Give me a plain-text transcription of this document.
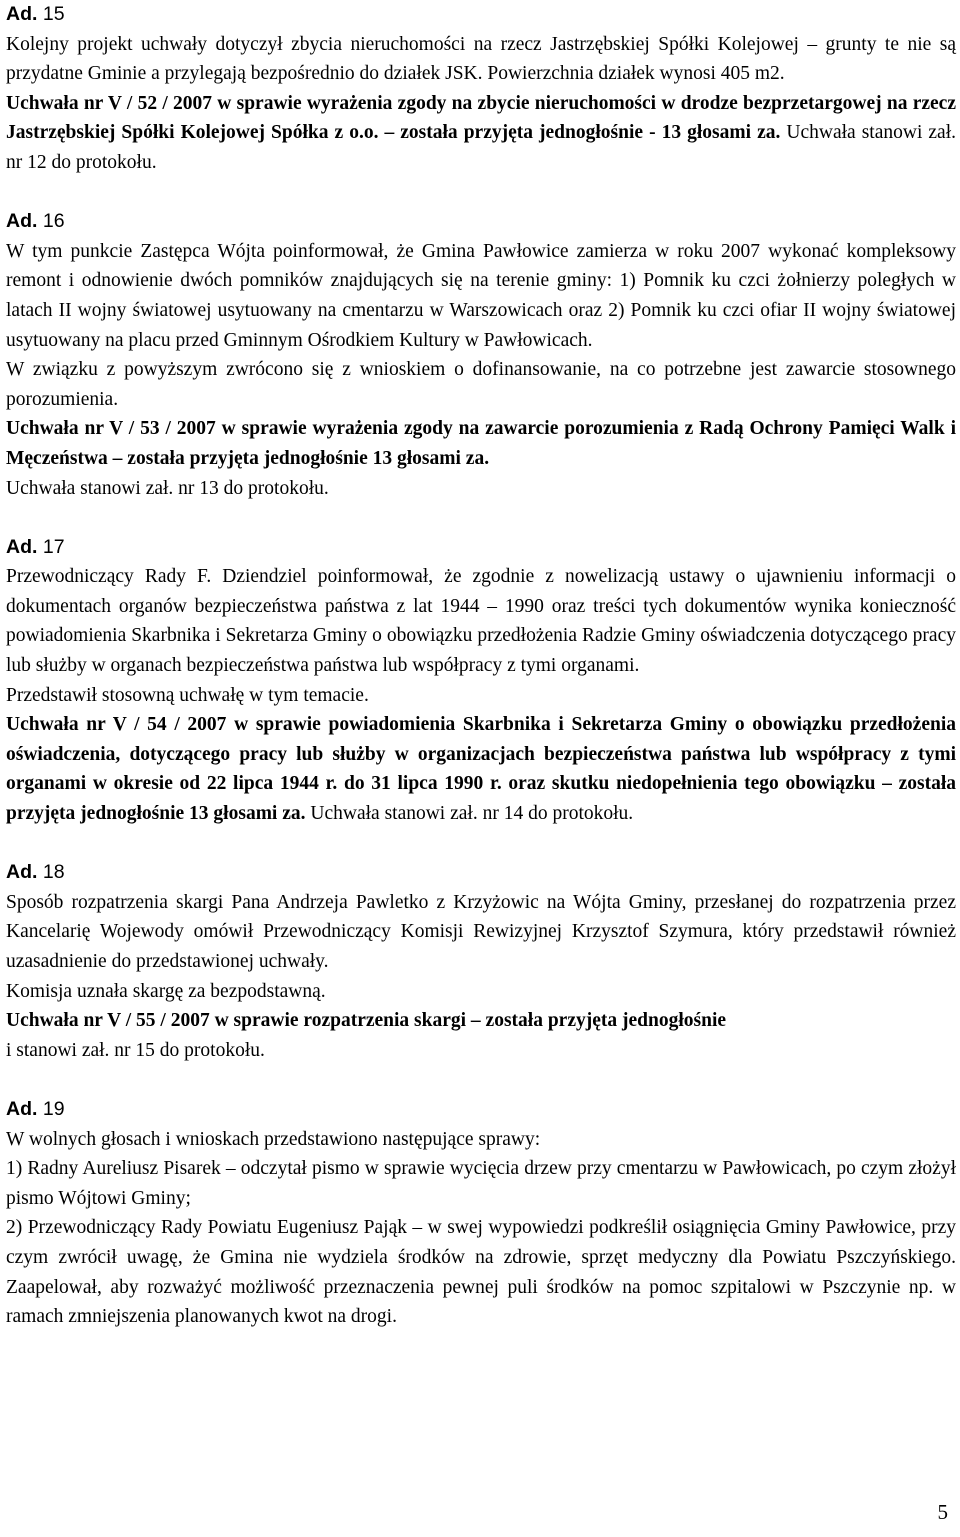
Ad. 15

Kolejny projekt uchwały dotyczył zbycia nieruchomości na rzecz Jastrzębskiej Spółki Kolejowej – grunty te nie są przydatne Gminie a przylegają bezpośrednio do działek JSK. Powierzchnia działek wynosi 405 m2.

Uchwała nr V / 52 / 2007 w sprawie wyrażenia zgody na zbycie nieruchomości w drodze bezprzetargowej na rzecz Jastrzębskiej Spółki Kolejowej Spółka z o.o. – została przyjęta jednogłośnie - 13 głosami za. Uchwała stanowi zał. nr 12 do protokołu.

Ad. 16

W tym punkcie Zastępca Wójta poinformował, że Gmina Pawłowice zamierza w roku 2007 wykonać kompleksowy remont i odnowienie dwóch pomników znajdujących się na terenie gminy: 1) Pomnik ku czci żołnierzy poległych w latach II wojny światowej usytuowany na cmentarzu w Warszowicach oraz 2) Pomnik ku czci ofiar II wojny światowej usytuowany na placu przed Gminnym Ośrodkiem Kultury w Pawłowicach.

W związku z powyższym zwrócono się z wnioskiem o dofinansowanie, na co potrzebne jest zawarcie stosownego porozumienia.

Uchwała nr V / 53 / 2007 w sprawie wyrażenia zgody na zawarcie porozumienia z Radą Ochrony Pamięci Walk i Męczeństwa – została przyjęta jednogłośnie 13 głosami za.

Uchwała stanowi zał. nr 13 do protokołu.

Ad. 17

Przewodniczący Rady F. Dziendziel poinformował, że zgodnie z nowelizacją ustawy o ujawnieniu informacji o dokumentach organów bezpieczeństwa państwa z lat 1944 – 1990 oraz treści tych dokumentów wynika konieczność powiadomienia Skarbnika i Sekretarza Gminy o obowiązku przedłożenia Radzie Gminy oświadczenia dotyczącego pracy lub służby w organach bezpieczeństwa państwa lub współpracy z tymi organami.

Przedstawił stosowną uchwałę w tym temacie.

Uchwała nr V / 54 / 2007 w sprawie powiadomienia Skarbnika i Sekretarza Gminy o obowiązku przedłożenia oświadczenia, dotyczącego pracy lub służby w organizacjach bezpieczeństwa państwa lub współpracy z tymi organami w okresie od 22 lipca 1944 r. do 31 lipca 1990 r. oraz skutku niedopełnienia tego obowiązku – została przyjęta jednogłośnie 13 głosami za. Uchwała stanowi zał. nr 14 do protokołu.

Ad. 18

Sposób rozpatrzenia skargi Pana Andrzeja Pawletko z Krzyżowic na Wójta Gminy, przesłanej do rozpatrzenia przez Kancelarię Wojewody omówił Przewodniczący Komisji Rewizyjnej Krzysztof Szymura, który przedstawił również uzasadnienie do przedstawionej uchwały.

Komisja uznała skargę za bezpodstawną.

Uchwała nr V / 55 / 2007 w sprawie rozpatrzenia skargi – została przyjęta jednogłośnie

i stanowi zał. nr 15 do protokołu.

Ad. 19

W wolnych głosach i wnioskach przedstawiono następujące sprawy:

1) Radny Aureliusz Pisarek – odczytał pismo w sprawie wycięcia drzew przy cmentarzu w Pawłowicach, po czym złożył pismo Wójtowi Gminy;

2) Przewodniczący Rady Powiatu Eugeniusz Pająk – w swej wypowiedzi podkreślił osiągnięcia Gminy Pawłowice, przy czym zwrócił uwagę, że Gmina nie wydziela środków na zdrowie, sprzęt medyczny dla Powiatu Pszczyńskiego. Zaapelował, aby rozważyć możliwość przeznaczenia pewnej puli środków na pomoc szpitalowi w Pszczynie np. w ramach zmniejszenia planowanych kwot na drogi.

5
